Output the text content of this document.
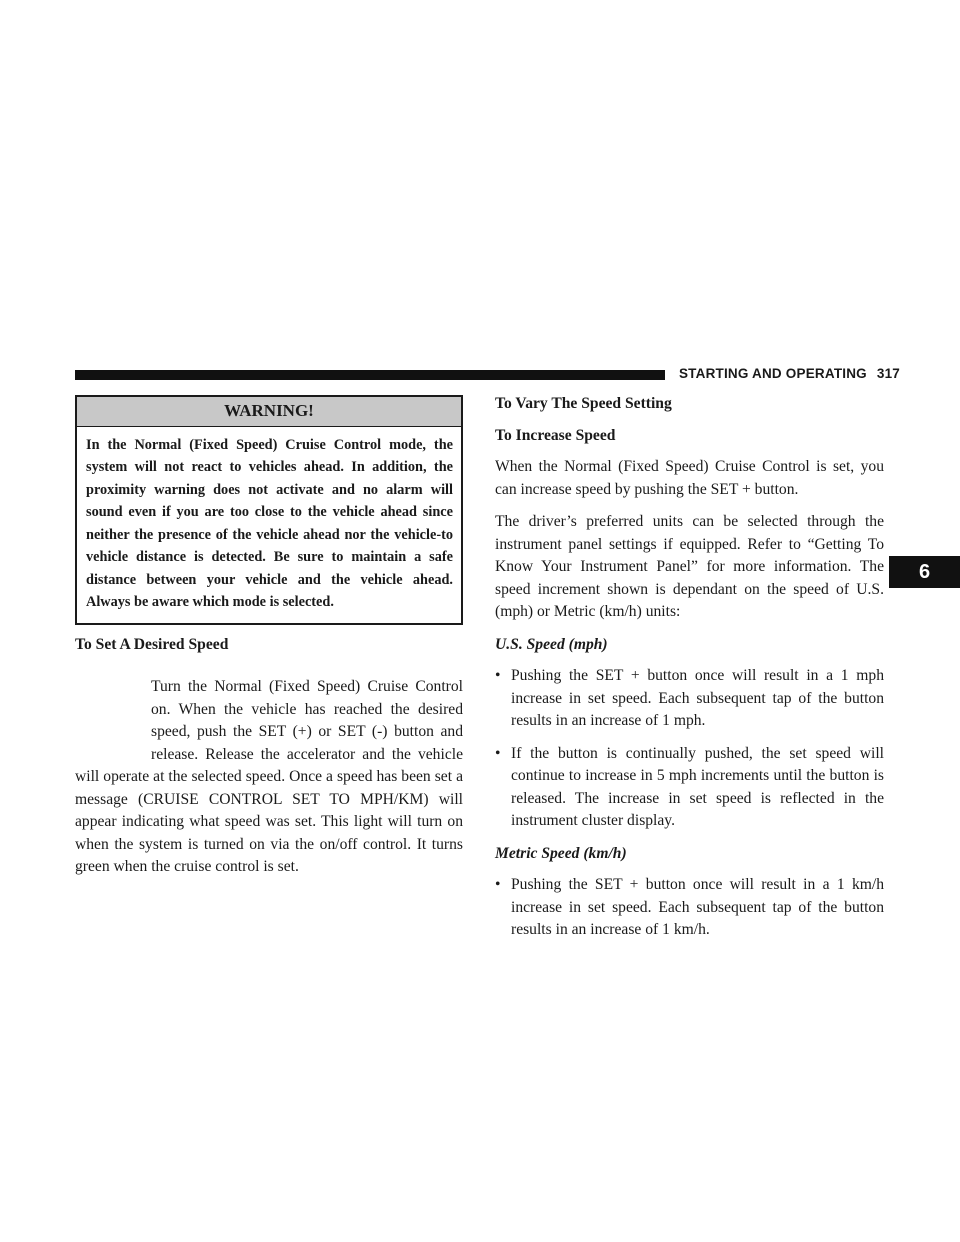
STARTING AND OPERATING 317
6
WARNING!
In the Normal (Fixed Speed) Cruise Control mode, the system will not react to vehicles ahead. In addition, the proximity warning does not activate and no alarm will sound even if you are too close to the vehicle ahead since neither the presence of the vehicle ahead nor the vehicle-to vehicle distance is detected. Be sure to maintain a safe distance between your vehicle and the vehicle ahead. Always be aware which mode is selected.
To Set A Desired Speed
Turn the Normal (Fixed Speed) Cruise Control on. When the vehicle has reached the desired speed, push the SET (+) or SET (-) button and release. Release the accelerator and the vehicle will operate at the selected speed. Once a speed has been set a message (CRUISE CONTROL SET TO MPH/KM) will appear indicating what speed was set. This light will turn on when the system is turned on via the on/off control. It turns green when the cruise control is set.
To Vary The Speed Setting
To Increase Speed

When the Normal (Fixed Speed) Cruise Control is set, you can increase speed by pushing the SET + button.

The driver’s preferred units can be selected through the instrument panel settings if equipped. Refer to “Getting To Know Your Instrument Panel” for more information. The speed increment shown is dependant on the speed of U.S. (mph) or Metric (km/h) units:

U.S. Speed (mph)
• Pushing the SET + button once will result in a 1 mph increase in set speed. Each subsequent tap of the button results in an increase of 1 mph.
• If the button is continually pushed, the set speed will continue to increase in 5 mph increments until the button is released. The increase in set speed is reflected in the instrument cluster display.
Metric Speed (km/h)
• Pushing the SET + button once will result in a 1 km/h increase in set speed. Each subsequent tap of the button results in an increase of 1 km/h.
